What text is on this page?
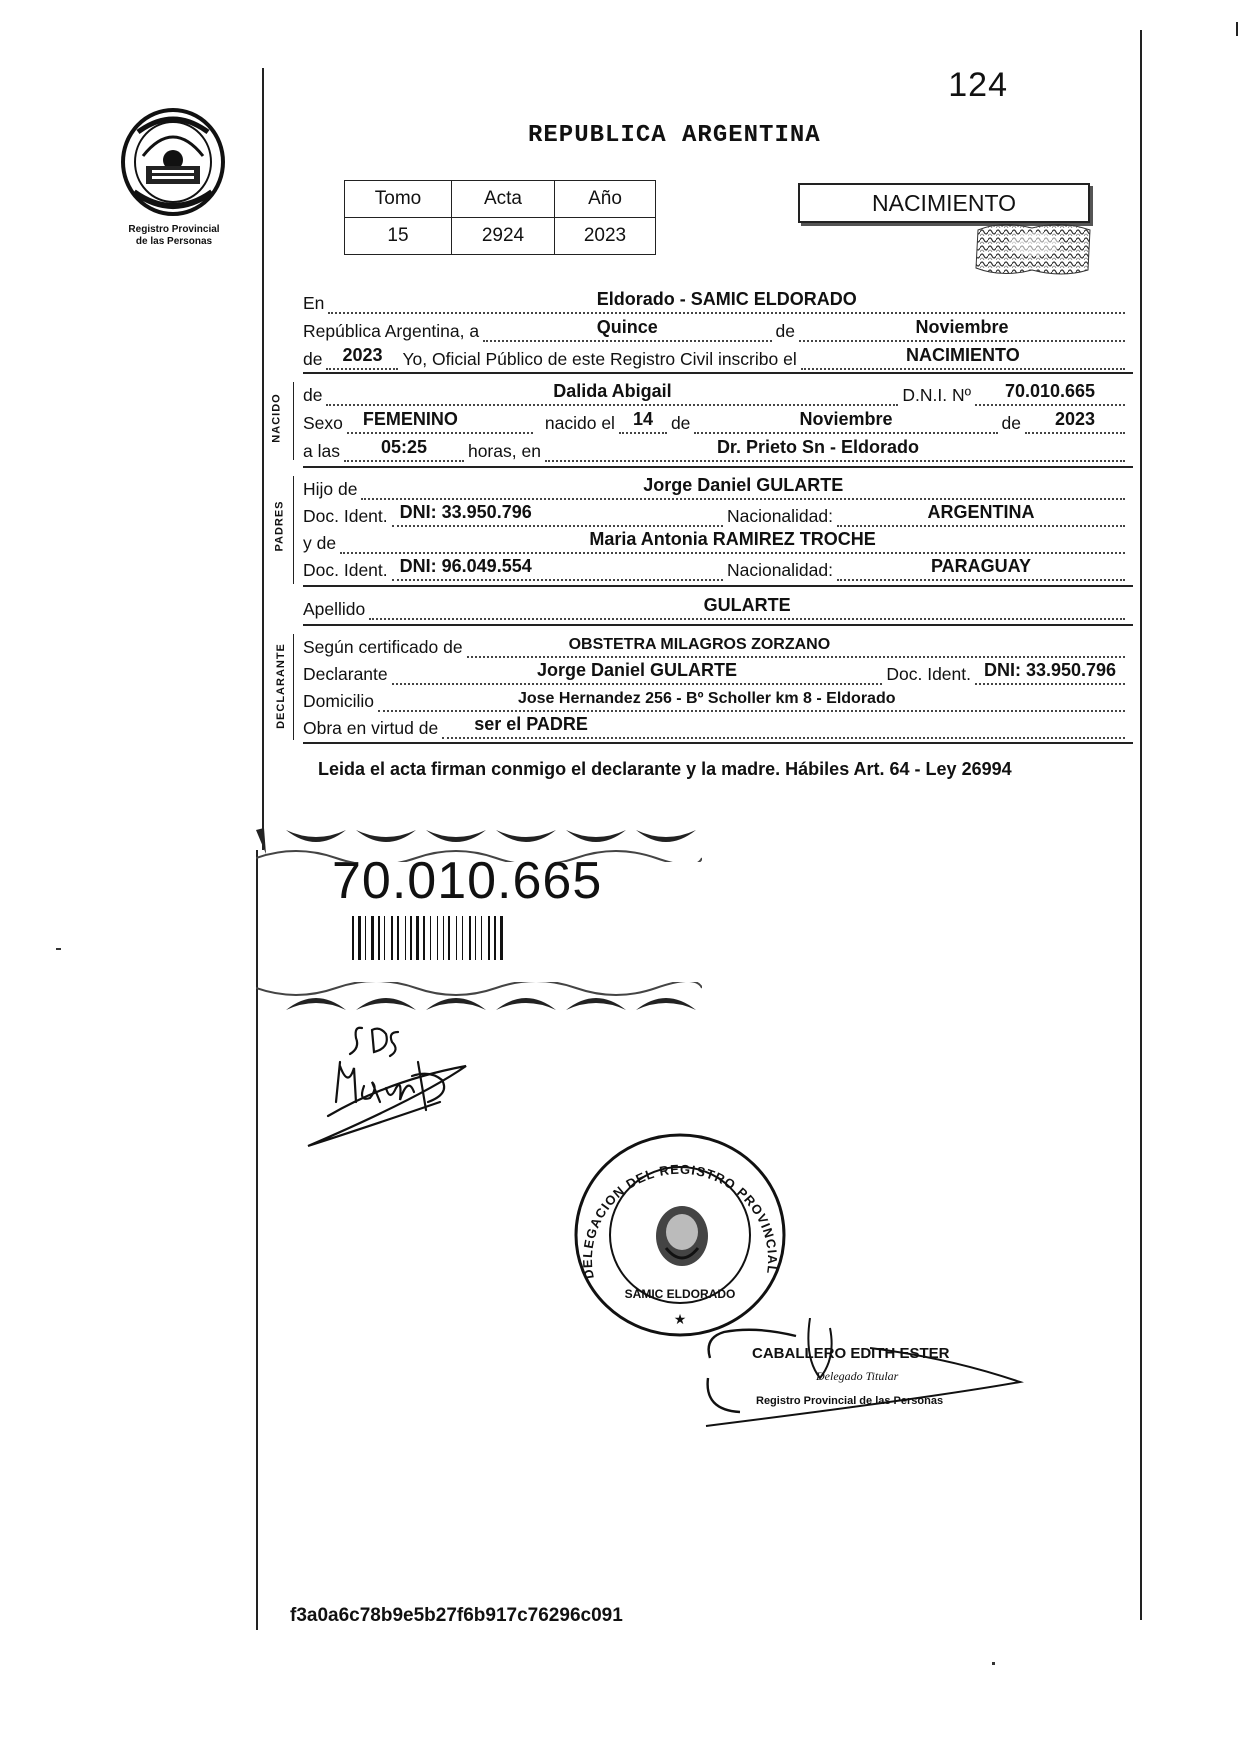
124
Registro Provincial
de las Personas
REPUBLICA ARGENTINA
Tomo	Acta	Año
15	2924	2023
NACIMIENTO
En	Eldorado - SAMIC ELDORADO
República Argentina, a	Quince	de	Noviembre
de	2023	Yo, Oficial Público de este Registro Civil inscribo el	NACIMIENTO
NACIDO de	Dalida Abigail	D.N.I. Nº	70.010.665
Sexo FEMENINO	nacido el 14	de	Noviembre	de	2023
a las	05:25	horas, en	Dr. Prieto Sn - Eldorado
PADRES
Hijo de	Jorge Daniel GULARTE
Doc. Ident. DNI: 33.950.796	Nacionalidad:	ARGENTINA
y de	Maria Antonia RAMIREZ TROCHE
Doc. Ident. DNI: 96.049.554	Nacionalidad:	PARAGUAY
Apellido	GULARTE
DECLARANTE Según certificado de	OBSTETRA MILAGROS ZORZANO
Declarante	Jorge Daniel GULARTE	Doc. Ident. DNI: 33.950.796
Domicilio	Jose Hernandez 256 - Bº Scholler km 8 - Eldorado
Obra en virtud de ser el PADRE
Leida el acta firman conmigo el declarante y la madre. Hábiles Art. 64 - Ley 26994
70.010.665
DELEGACION DEL REGISTRO PROVINCIAL
SAMIC ELDORADO
★
CABALLERO EDITH ESTER
Delegado Titular
Registro Provincial de las Personas
f3a0a6c78b9e5b27f6b917c76296c091
